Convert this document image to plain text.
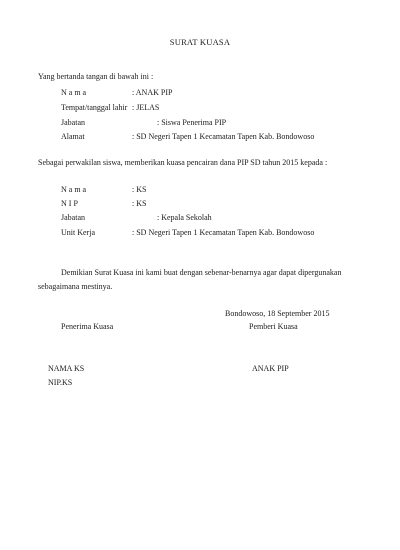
SURAT KUASA
Yang bertanda tangan di bawah ini :
N a m a	: ANAK PIP
Tempat/tanggal lahir : JELAS
Jabatan	: Siswa Penerima PIP
Alamat	: SD Negeri Tapen 1 Kecamatan Tapen Kab. Bondowoso
Sebagai perwakilan siswa, memberikan kuasa pencairan dana PIP SD tahun 2015 kepada :
N a m a	: KS
N I P	: KS
Jabatan	: Kepala Sekolah
Unit Kerja	: SD Negeri Tapen 1 Kecamatan Tapen Kab. Bondowoso
Demikian Surat Kuasa ini kami buat dengan sebenar-benarnya agar dapat dipergunakan
sebagaimana mestinya.
Bondowoso, 18 September 2015
Penerima Kuasa	Pemberi Kuasa
NAMA KS	ANAK PIP
NIP.KS
